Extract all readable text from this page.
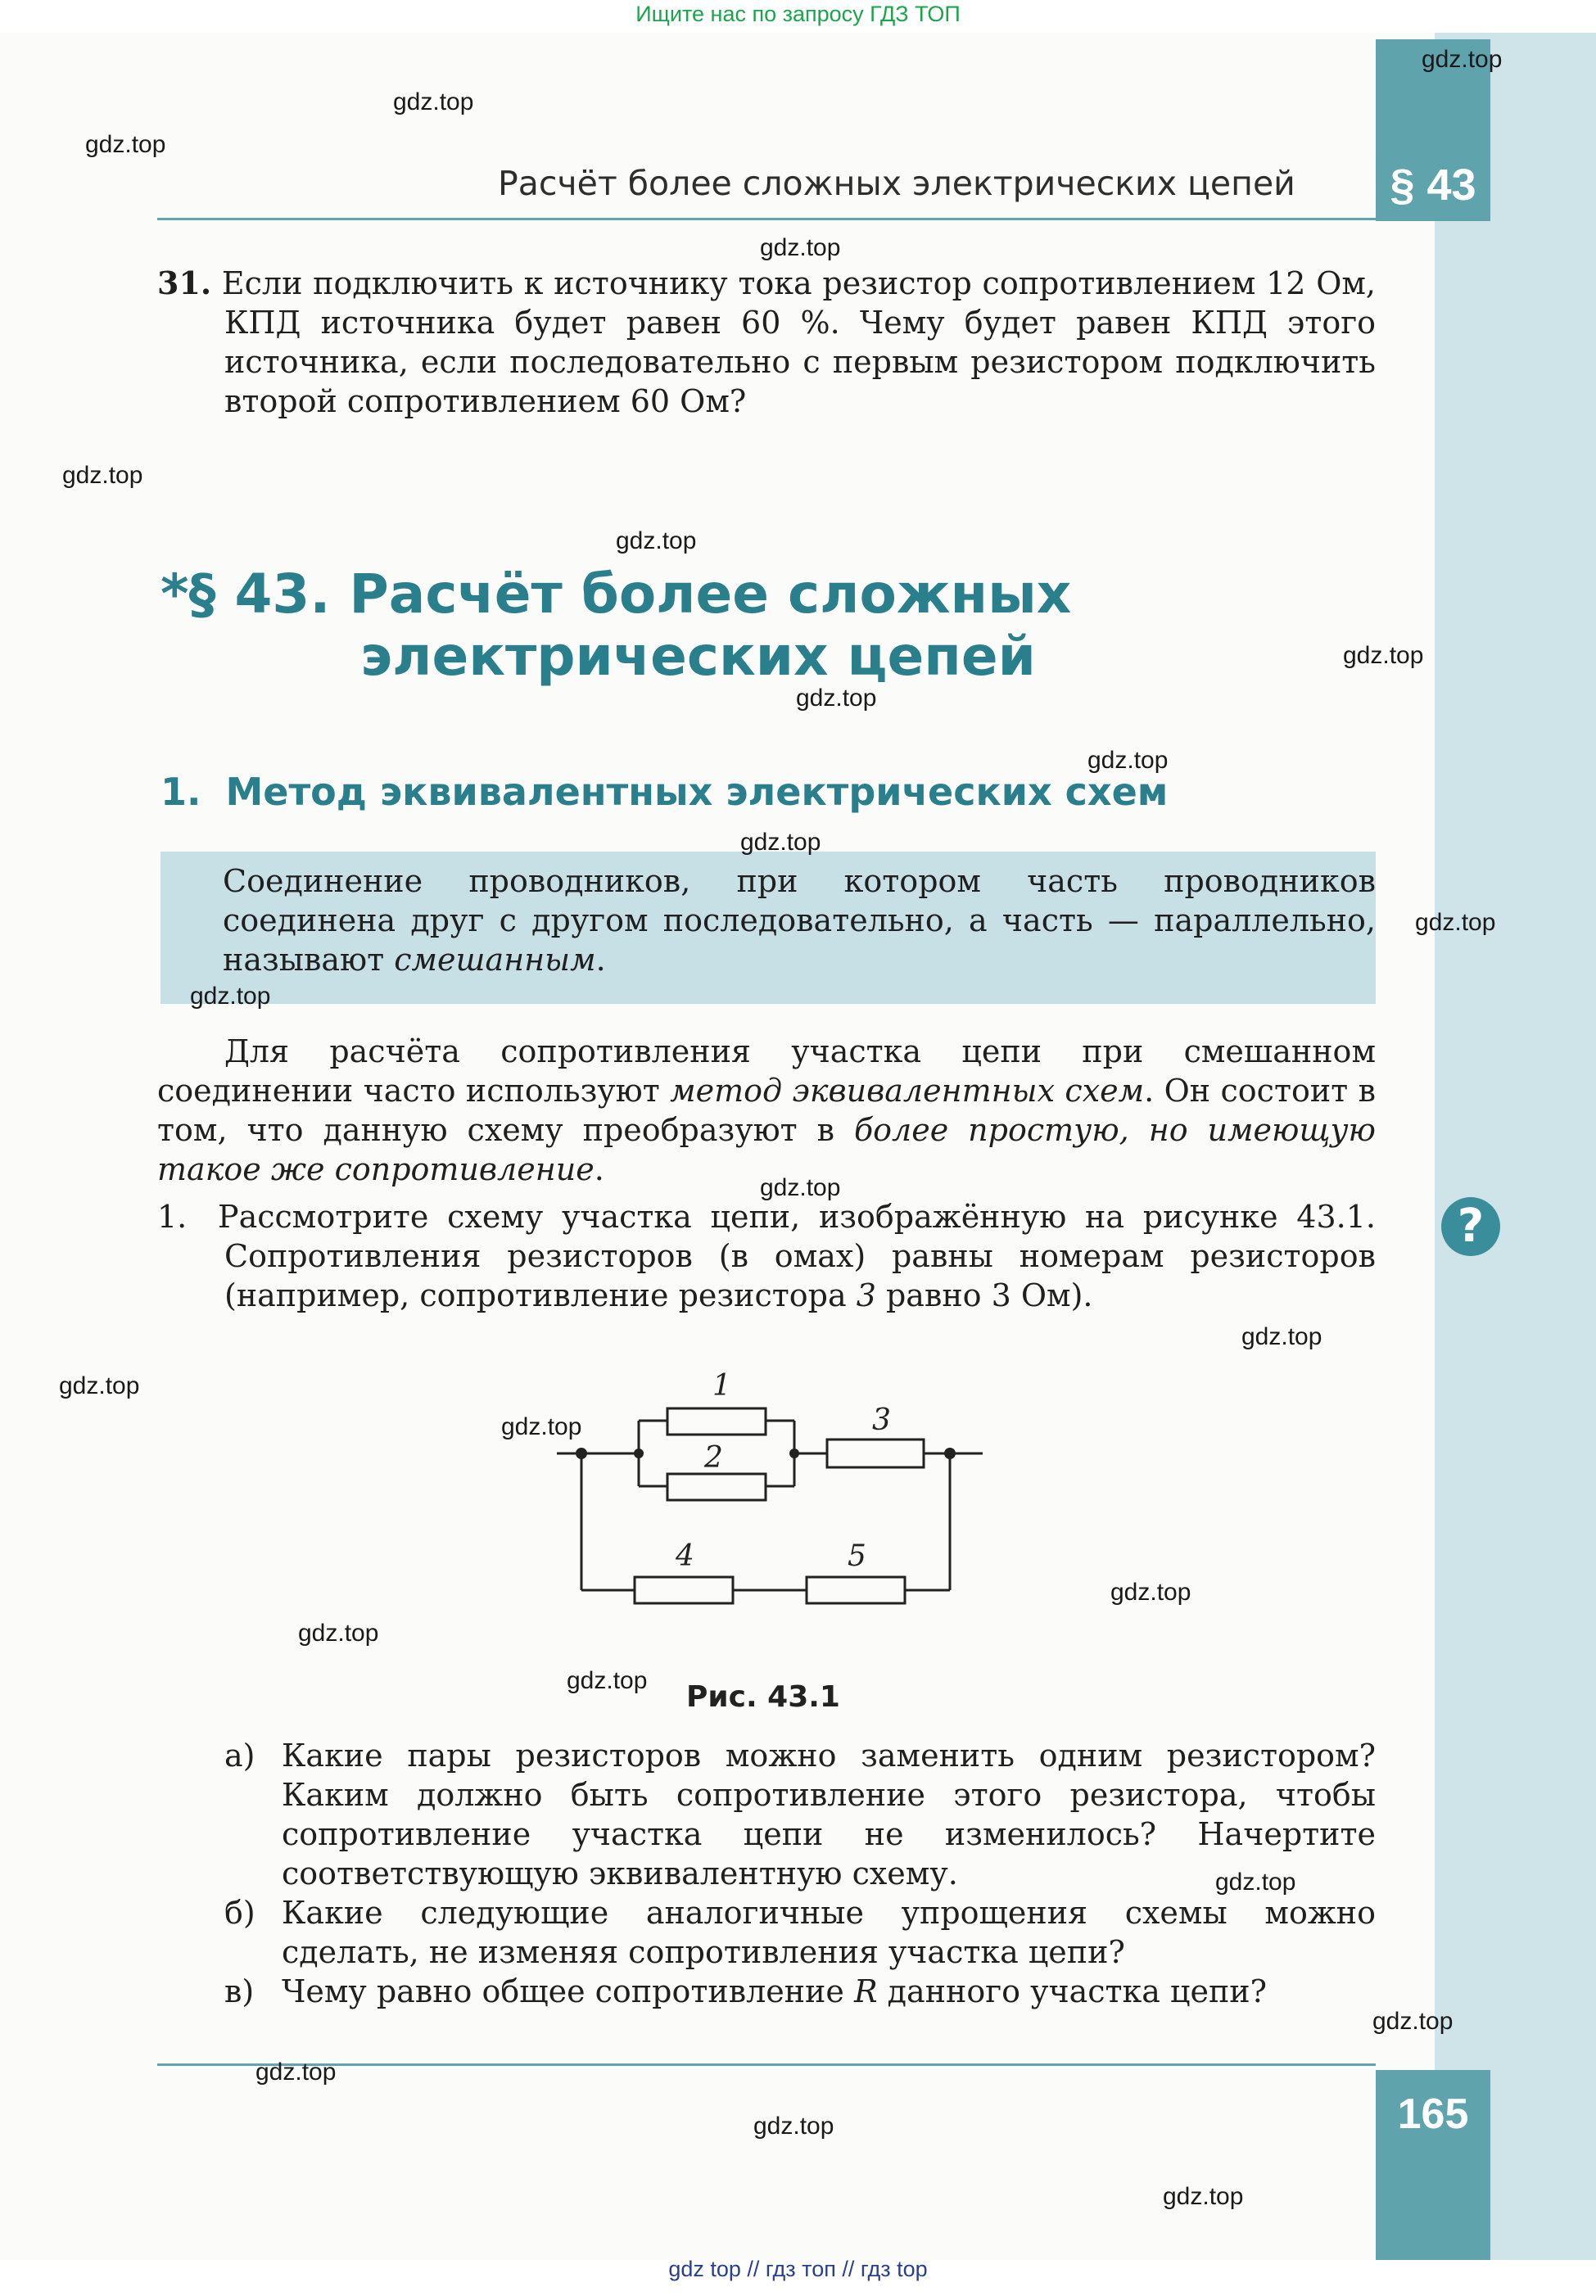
Ищите нас по запросу ГДЗ ТОП
§ 43
Расчёт более сложных электрических цепей
31. Если подключить к источнику тока резистор сопротивлением 12 Ом, КПД источника будет равен 60 %. Чему будет равен КПД этого источника, если последовательно с первым резистором подключить второй сопротивлением 60 Ом?
*§ 43. Расчёт более сложных
электрических цепей
1. Метод эквивалентных электрических схем
Соединение проводников, при котором часть проводников соединена друг с другом последовательно, а часть — параллельно, называют смешанным.
Для расчёта сопротивления участка цепи при смешанном соединении часто используют метод эквивалентных схем. Он состоит в том, что данную схему преобразуют в более простую, но имеющую такое же сопротивление.
1. Рассмотрите схему участка цепи, изображённую на рисунке 43.1. Сопротивления резисторов (в омах) равны номерам резисторов (например, сопротивление резистора 3 равно 3 Ом).
?
1
2
3
4	5
Рис. 43.1
а) Какие пары резисторов можно заменить одним резистором? Каким должно быть сопротивление этого резистора, чтобы сопротивление участка цепи не изменилось? Начертите соответствующую эквивалентную схему.
б) Какие следующие аналогичные упрощения схемы можно сделать, не изменяя сопротивления участка цепи?
в) Чему равно общее сопротивление R данного участка цепи?
165
gdz.top
gdz.top
gdz.top
gdz.top
gdz.top
gdz.top
gdz.top
gdz.top
gdz.top
gdz.top
gdz.top
gdz.top
gdz.top
gdz.top
gdz.top
gdz.top
gdz.top
gdz.top
gdz.top
gdz.top
gdz.top
gdz.top
gdz.top
gdz.top
gdz top // гдз топ // гдз top
